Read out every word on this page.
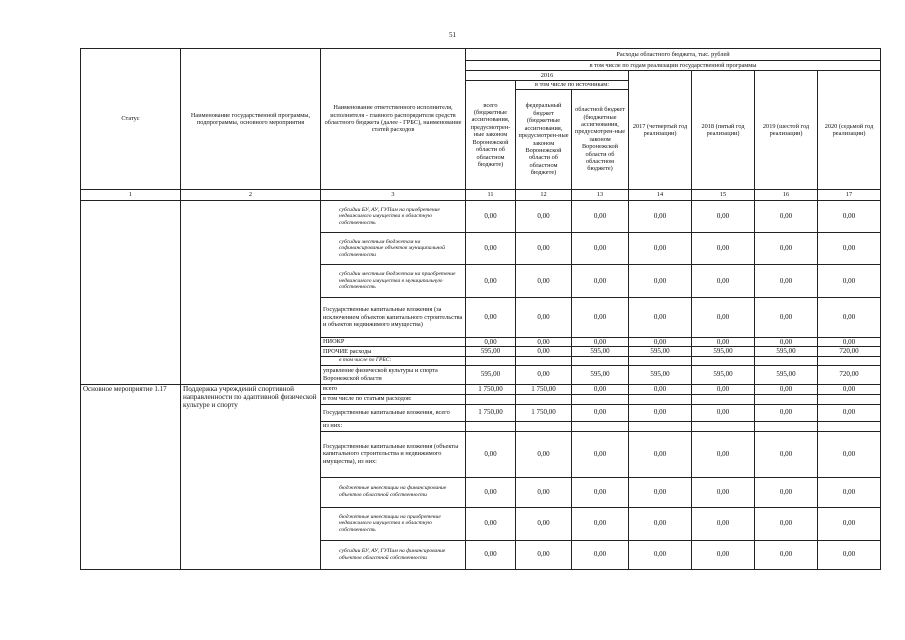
51
Статус	Наименование государственной программы, подпрограммы, основного мероприятия	Наименование ответственного исполнителя, исполнителя - главного распорядителя средств областного бюджета (далее - ГРБС), наименование статей расходов	Расходы областного бюджета, тыс. рублей						
			в том числе по годам реализации государственной программы						
			2016			2017 (четвертый год реализации)	2018 (пятый год реализации)	2019 (шестой год реализации)	2020 (седьмой год реализации)
			всего (бюджетные ассигнования, предусмотрен-ные законом Воронежской области об областном бюджете)	в том числе по источникам:					
				федеральный бюджет (бюджетные ассигнования, предусмотрен-ные законом Воронежской области об областном бюджете)	областной бюджет (бюджетные ассигнования, предусмотрен-ные законом Воронежской области об областном бюджете)				
1	2	3	11	12	13	14	15	16	17
		субсидии БУ, АУ, ГУПам на приобретение недвижимого имущества в областную собственность	0,00	0,00	0,00	0,00	0,00	0,00	0,00
		субсидии местным бюджетам на софинансирование объектов муниципальной собственности	0,00	0,00	0,00	0,00	0,00	0,00	0,00
		субсидии местным бюджетам на приобретение недвижимого имущества в муниципальную собственность	0,00	0,00	0,00	0,00	0,00	0,00	0,00
		Государственные капитальные вложения (за исключением объектов капитального строительства и объектов недвижимого имущества)	0,00	0,00	0,00	0,00	0,00	0,00	0,00
		НИОКР	0,00	0,00	0,00	0,00	0,00	0,00	0,00
		ПРОЧИЕ расходы	595,00	0,00	595,00	595,00	595,00	595,00	720,00
		в том числе по ГРБС:							
		управление физической культуры и спорта Воронежской области	595,00	0,00	595,00	595,00	595,00	595,00	720,00
Основное мероприятие 1.17	Поддержка учреждений спортивной направленности по адаптивной физической культуре и спорту	всего	1 750,00	1 750,00	0,00	0,00	0,00	0,00	0,00
		в том числе по статьям расходов:							
		Государственные капитальные вложения, всего	1 750,00	1 750,00	0,00	0,00	0,00	0,00	0,00
		из них:							
		Государственные капитальные вложения (объекты капитального строительства и недвижимого имущества), из них:	0,00	0,00	0,00	0,00	0,00	0,00	0,00
		бюджетные инвестиции на финансирование объектов областной собственности	0,00	0,00	0,00	0,00	0,00	0,00	0,00
		бюджетные инвестиции на приобретение недвижимого имущества в областную собственность	0,00	0,00	0,00	0,00	0,00	0,00	0,00
		субсидии БУ, АУ, ГУПам на финансирование объектов областной собственности	0,00	0,00	0,00	0,00	0,00	0,00	0,00
